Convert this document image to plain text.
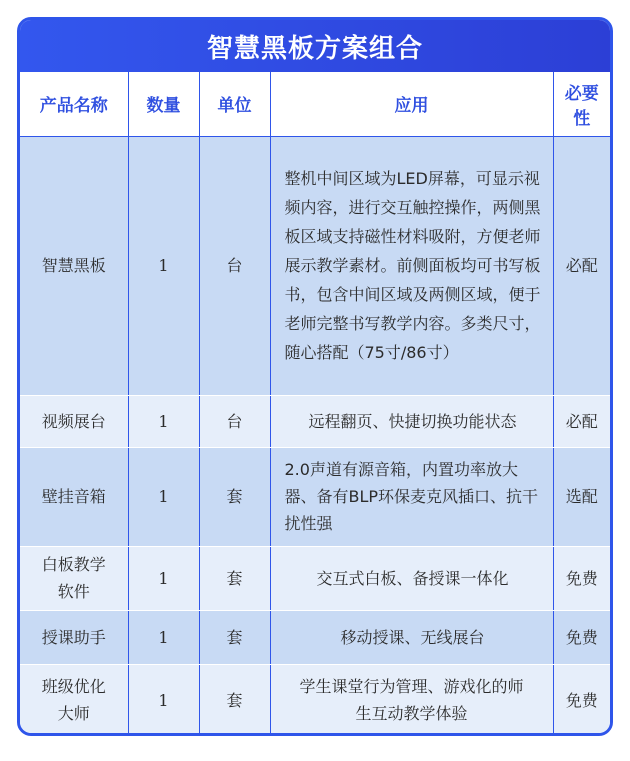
智慧黑板方案组合
产品名称	数量	单位	应用	必要性
智慧黑板	1	台	整机中间区域为LED屏幕，可显示视频内容，进行交互触控操作，两侧黑板区域支持磁性材料吸附，方便老师展示教学素材。前侧面板均可书写板书，包含中间区域及两侧区域，便于老师完整书写教学内容。多类尺寸，随心搭配（75寸/86寸）	必配
视频展台	1	台	远程翻页、快捷切换功能状态	必配
壁挂音箱	1	套	2.0声道有源音箱，内置功率放大器、备有BLP环保麦克风插口、抗干扰性强	选配
白板教学软件	1	套	交互式白板、备授课一体化	免费
授课助手	1	套	移动授课、无线展台	免费
班级优化大师	1	套	学生课堂行为管理、游戏化的师生互动教学体验	免费
